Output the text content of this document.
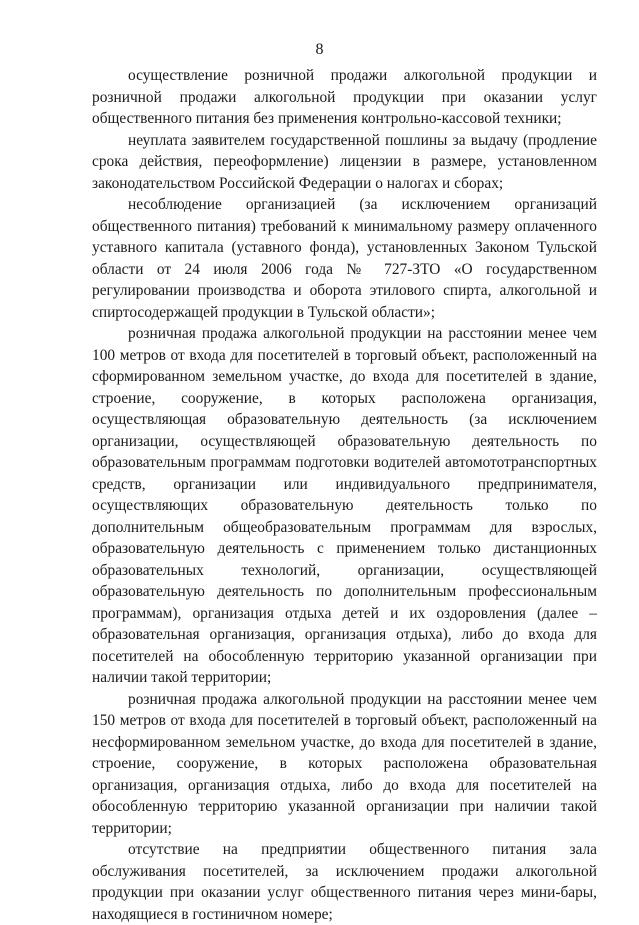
8

осуществление розничной продажи алкогольной продукции и розничной продажи алкогольной продукции при оказании услуг общественного питания без применения контрольно-кассовой техники;

неуплата заявителем государственной пошлины за выдачу (продление срока действия, переоформление) лицензии в размере, установленном законодательством Российской Федерации о налогах и сборах;

несоблюдение организацией (за исключением организаций общественного питания) требований к минимальному размеру оплаченного уставного капитала (уставного фонда), установленных Законом Тульской области от 24 июля 2006 года № 727-ЗТО «О государственном регулировании производства и оборота этилового спирта, алкогольной и спиртосодержащей продукции в Тульской области»;

розничная продажа алкогольной продукции на расстоянии менее чем 100 метров от входа для посетителей в торговый объект, расположенный на сформированном земельном участке, до входа для посетителей в здание, строение, сооружение, в которых расположена организация, осуществляющая образовательную деятельность (за исключением организации, осуществляющей образовательную деятельность по образовательным программам подготовки водителей автомототранспортных средств, организации или индивидуального предпринимателя, осуществляющих образовательную деятельность только по дополнительным общеобразовательным программам для взрослых, образовательную деятельность с применением только дистанционных образовательных технологий, организации, осуществляющей образовательную деятельность по дополнительным профессиональным программам), организация отдыха детей и их оздоровления (далее – образовательная организация, организация отдыха), либо до входа для посетителей на обособленную территорию указанной организации при наличии такой территории;

розничная продажа алкогольной продукции на расстоянии менее чем 150 метров от входа для посетителей в торговый объект, расположенный на несформированном земельном участке, до входа для посетителей в здание, строение, сооружение, в которых расположена образовательная организация, организация отдыха, либо до входа для посетителей на обособленную территорию указанной организации при наличии такой территории;

отсутствие на предприятии общественного питания зала обслуживания посетителей, за исключением продажи алкогольной продукции при оказании услуг общественного питания через мини-бары, находящиеся в гостиничном номере;
